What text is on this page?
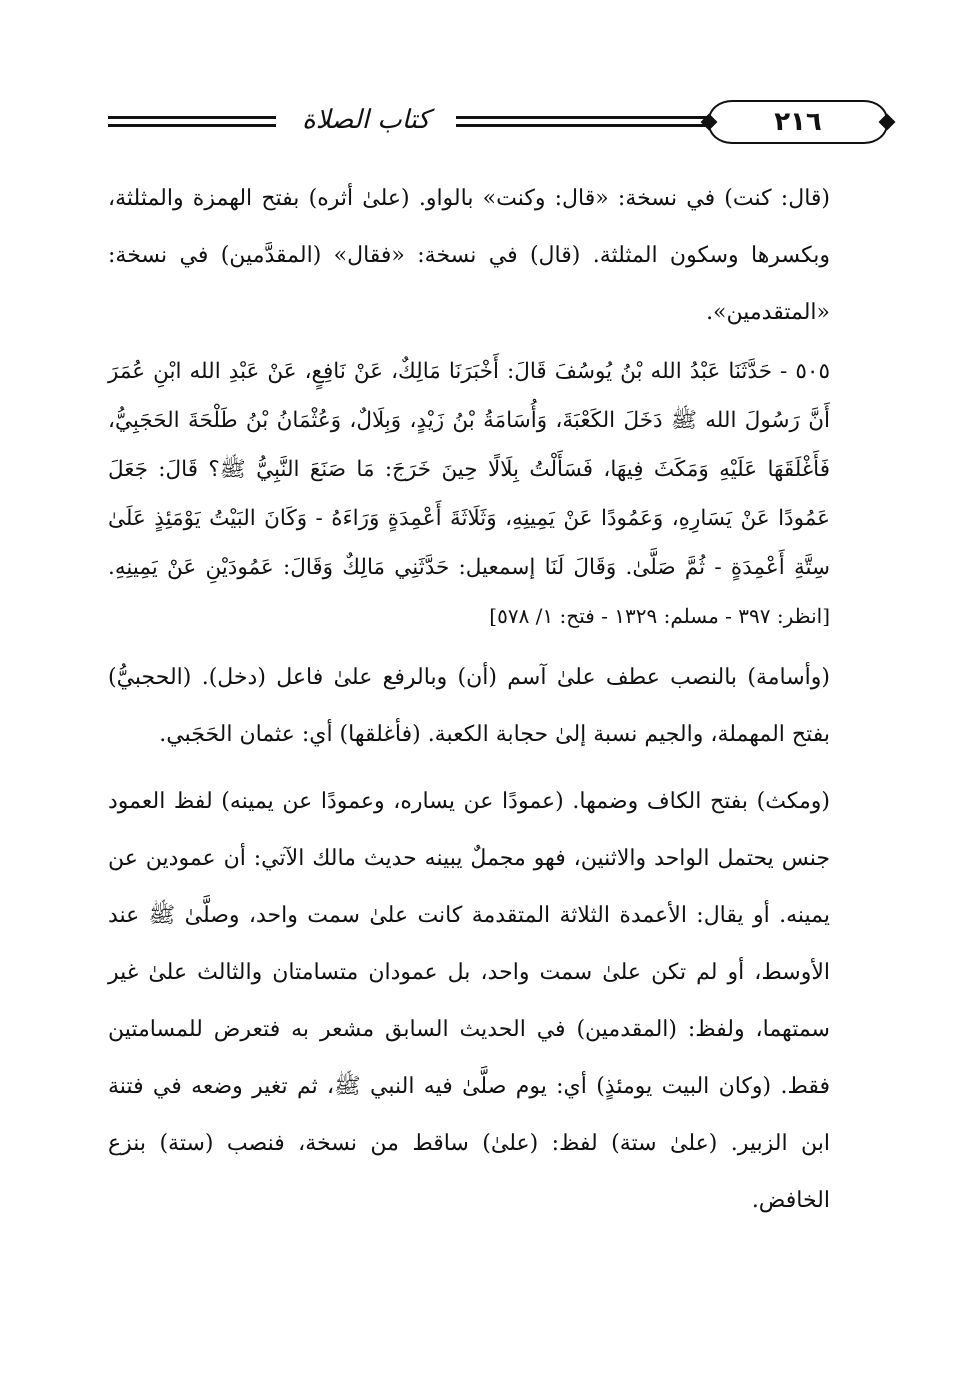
كتاب الصلاة	٢١٦

(قال: كنت) في نسخة: «قال: وكنت» بالواو. (علىٰ أثره) بفتح الهمزة والمثلثة، وبكسرها وسكون المثلثة. (قال) في نسخة: «فقال» (المقدَّمين) في نسخة: «المتقدمين».

٥٠٥ - حَدَّثَنَا عَبْدُ الله بْنُ يُوسُفَ قَالَ: أَخْبَرَنَا مَالِكٌ، عَنْ نَافِعٍ، عَنْ عَبْدِ الله ابْنِ عُمَرَ أَنَّ رَسُولَ الله ﷺ دَخَلَ الكَعْبَةَ، وَأُسَامَةُ بْنُ زَيْدٍ، وَبِلَالٌ، وَعُثْمَانُ بْنُ طَلْحَةَ الحَجَبِيُّ، فَأَغْلَقَهَا عَلَيْهِ وَمَكَثَ فِيهَا، فَسَأَلْتُ بِلَالًا حِينَ خَرَجَ: مَا صَنَعَ النَّبِيُّ ﷺ؟ قَالَ: جَعَلَ عَمُودًا عَنْ يَسَارِهِ، وَعَمُودًا عَنْ يَمِينِهِ، وَثَلَاثَةَ أَعْمِدَةٍ وَرَاءَهُ - وَكَانَ البَيْتُ يَوْمَئِذٍ عَلَىٰ سِتَّةِ أَعْمِدَةٍ - ثُمَّ صَلَّىٰ. وَقَالَ لَنَا إسمعيل: حَدَّثَنِي مَالِكٌ وَقَالَ: عَمُودَيْنِ عَنْ يَمِينِهِ. [انظر: ٣٩٧ - مسلم: ١٣٢٩ - فتح: ١/ ٥٧٨]

(وأسامة) بالنصب عطف علىٰ آسم (أن) وبالرفع علىٰ فاعل (دخل). (الحجبيُّ) بفتح المهملة، والجيم نسبة إلىٰ حجابة الكعبة. (فأغلقها) أي: عثمان الحَجَبي.

(ومكث) بفتح الكاف وضمها. (عمودًا عن يساره، وعمودًا عن يمينه) لفظ العمود جنس يحتمل الواحد والاثنين، فهو مجملٌ يبينه حديث مالك الآتي: أن عمودين عن يمينه. أو يقال: الأعمدة الثلاثة المتقدمة كانت علىٰ سمت واحد، وصلَّىٰ ﷺ عند الأوسط، أو لم تكن علىٰ سمت واحد، بل عمودان متسامتان والثالث علىٰ غير سمتهما، ولفظ: (المقدمين) في الحديث السابق مشعر به فتعرض للمسامتين فقط. (وكان البيت يومئذٍ) أي: يوم صلَّىٰ فيه النبي ﷺ، ثم تغير وضعه في فتنة ابن الزبير. (علىٰ ستة) لفظ: (علىٰ) ساقط من نسخة، فنصب (ستة) بنزع الخافض.
